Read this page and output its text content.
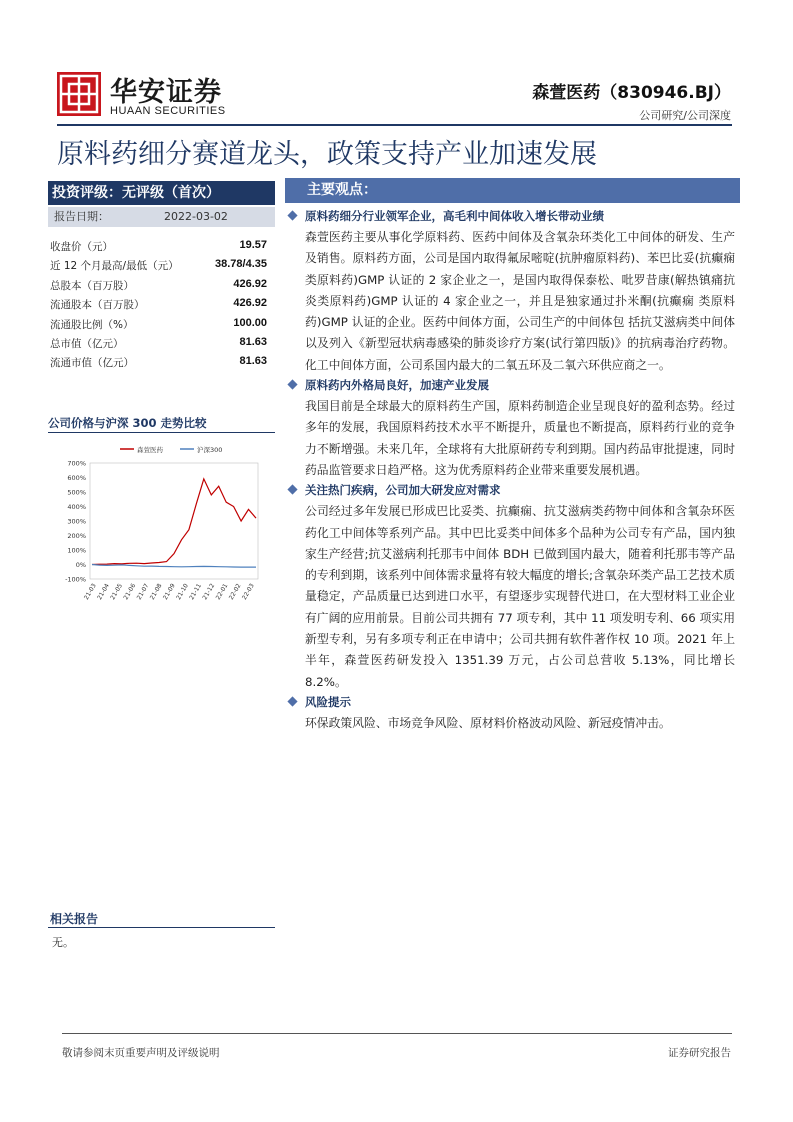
华安证券
HUAAN SECURITIES
森萱医药（830946.BJ）
公司研究/公司深度
原料药细分赛道龙头，政策支持产业加速发展
投资评级：无评级（首次）
报告日期：	2022-03-02
收盘价（元）	19.57
近 12 个月最高/最低（元）	38.78/4.35
总股本（百万股）	426.92
流通股本（百万股）	426.92
流通股比例（%）	100.00
总市值（亿元）	81.63
流通市值（亿元）	81.63
公司价格与沪深 300 走势比较
森萱医药	沪深300
700%
600%
500%
400%
300%
200%
100%
0%
-100%
21-03
21-04
21-05
21-06
21-07
21-08
21-09
21-10
21-11
21-12
22-01
22-02
22-03
相关报告
无。
主要观点：
原料药细分行业领军企业，高毛利中间体收入增长带动业绩

森萱医药主要从事化学原料药、医药中间体及含氧杂环类化工中间体的研发、生产及销售。原料药方面，公司是国内取得氟尿嘧啶(抗肿瘤原料药)、苯巴比妥(抗癫痫类原料药)GMP 认证的 2 家企业之一，是国内取得保泰松、吡罗昔康(解热镇痛抗炎类原料药)GMP 认证的 4 家企业之一，并且是独家通过扑米酮(抗癫痫 类原料药)GMP 认证的企业。医药中间体方面，公司生产的中间体包 括抗艾滋病类中间体以及列入《新型冠状病毒感染的肺炎诊疗方案(试行第四版)》的抗病毒治疗药物。化工中间体方面，公司系国内最大的二氧五环及二氧六环供应商之一。

原料药内外格局良好，加速产业发展

我国目前是全球最大的原料药生产国，原料药制造企业呈现良好的盈利态势。经过多年的发展，我国原料药技术水平不断提升，质量也不断提高，原料药行业的竞争力不断增强。未来几年，全球将有大批原研药专利到期。国内药品审批提速，同时药品监管要求日趋严格。这为优秀原料药企业带来重要发展机遇。

关注热门疾病，公司加大研发应对需求

公司经过多年发展已形成巴比妥类、抗癫痫、抗艾滋病类药物中间体和含氧杂环医药化工中间体等系列产品。其中巴比妥类中间体多个品种为公司专有产品，国内独家生产经营;抗艾滋病利托那韦中间体 BDH 已做到国内最大，随着利托那韦等产品的专利到期，该系列中间体需求量将有较大幅度的增长;含氧杂环类产品工艺技术质量稳定，产品质量已达到进口水平，有望逐步实现替代进口，在大型材料工业企业有广阔的应用前景。目前公司共拥有 77 项专利，其中 11 项发明专利、66 项实用新型专利，另有多项专利正在申请中；公司共拥有软件著作权 10 项。2021 年上半年，森萱医药研发投入 1351.39 万元，占公司总营收 5.13%，同比增长 8.2%。

风险提示

环保政策风险、市场竞争风险、原材料价格波动风险、新冠疫情冲击。

敬请参阅末页重要声明及评级说明	证券研究报告
